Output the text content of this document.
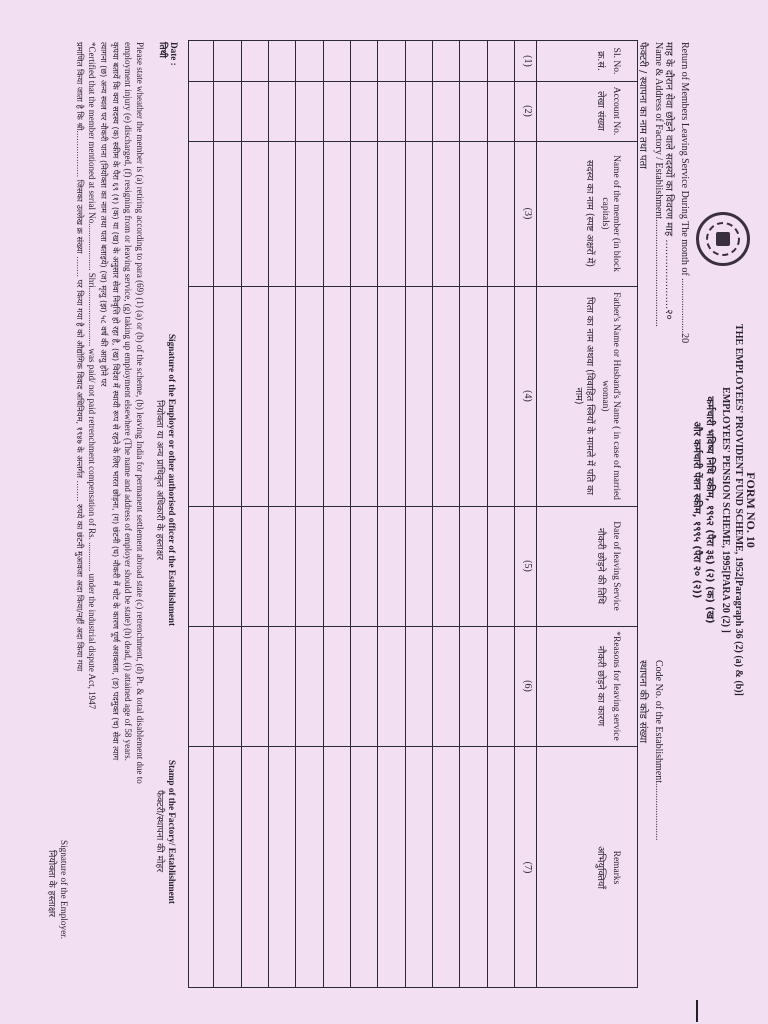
FORM NO. 10
Sl. No.
क्र.सं.
(1)
Account No.
लेखा संख्या
(2)
Name of the member (in block capitals)
सदस्य का नाम (स्पष्ट अक्षरों में)
(3)
Father's Name or Husband's Name ( in case of married woman)
पिता का नाम अथवा (विवाहित स्त्रियों के मामले में पति का नाम)
(4)
Date of leaving Service
नौकरी छोड़ने की तिथि
(5)
*Reasons for leaving service
नौकरी छोड़ने का कारण
(6)
Remarks
अभियुक्तियाँ
(7)
Date :
THE EMPLOYEES' PROVIDENT FUND SCHEME, 1952[Paragraph 36 (2) (a) & (b)]
EMPLOYEES' PENSION SCHEME, 1995[PARA 20 (2) ]
कर्मचारी भविष्य निधि स्कीम, १९५२ (पैरा ३६) (२) (क) (ख)
और कर्मचारी पेंशन स्कीम, १९९५ (पैरा २० (२))
Return of Members Leaving Service During The month of ......................20
माह के दौरान सेवा छोड़ने वाले सदस्यों का विवरण माह ......................२०
Name & Address of Factory / Establishment...........................................
फैक्टरी / स्थापना का नाम तथा पता
Code No. of the Establishment.......................
स्थापना की कोड संख्या
तिथी
Signature of the Employer or other authorised officer of the Establishment
नियोक्ता या अन्य प्राधिकृत अधिकारी के हस्ताक्षर
Stamp of the Factory/ Establishment
फैक्टरी/स्थापना की मोहर
Please state wheather the member is (a) retiring according to para (69) (1) (a) or (b) of the scheme, (b) leaving India for permanent settlement abroad state (c) retrenchment, (d) Pt. & total disablement due to
employment injury (e) discharged, (f) resigning from or leaving service, (g) taking up employment elsewhere (The name and address of employer should be state) (h) dead, (i) attained age of 58 years.
कृपया बतायें कि क्या सदस्य (क) स्कीम के पैरा ६९ (१) (क) या (ख) के अनुसार सेवा निवृत्ति हो रहा है, (ख) विदेश में स्थायी रूप से रहने के लिए भारत छोड़ना, (ग) छंटनी (घ) नौकरी में चोट के कारण पूर्ण अशक्तता, (ङ) पदमुक्त (च) सेवा त्याग
त्यागना (छ) अन्य स्थल पर नौकरी पाना (नियोक्ता का नाम तथा पता बताइये) (ज) मृत्यु (झ) ५८ वर्ष की आयु होने पर
*Certified that the member mentioned at serial No..................... Shri.......................... was paid/ not paid retrenchment compensation of Rs. ............. under the industrial dispute Act, 1947
प्रमाणित किया जाता है कि श्री.................. जिसका उल्लेख क्र संख्या ........ पर किया गया है को औद्योगिक विवाद अधिनियम, १९४७ के अन्तर्गत ........ रुपये का छंटनी मुआवजा अदा किया/नहीं अदा किया गया
Signature of the Employer.
नियोक्ता के हस्ताक्षर
